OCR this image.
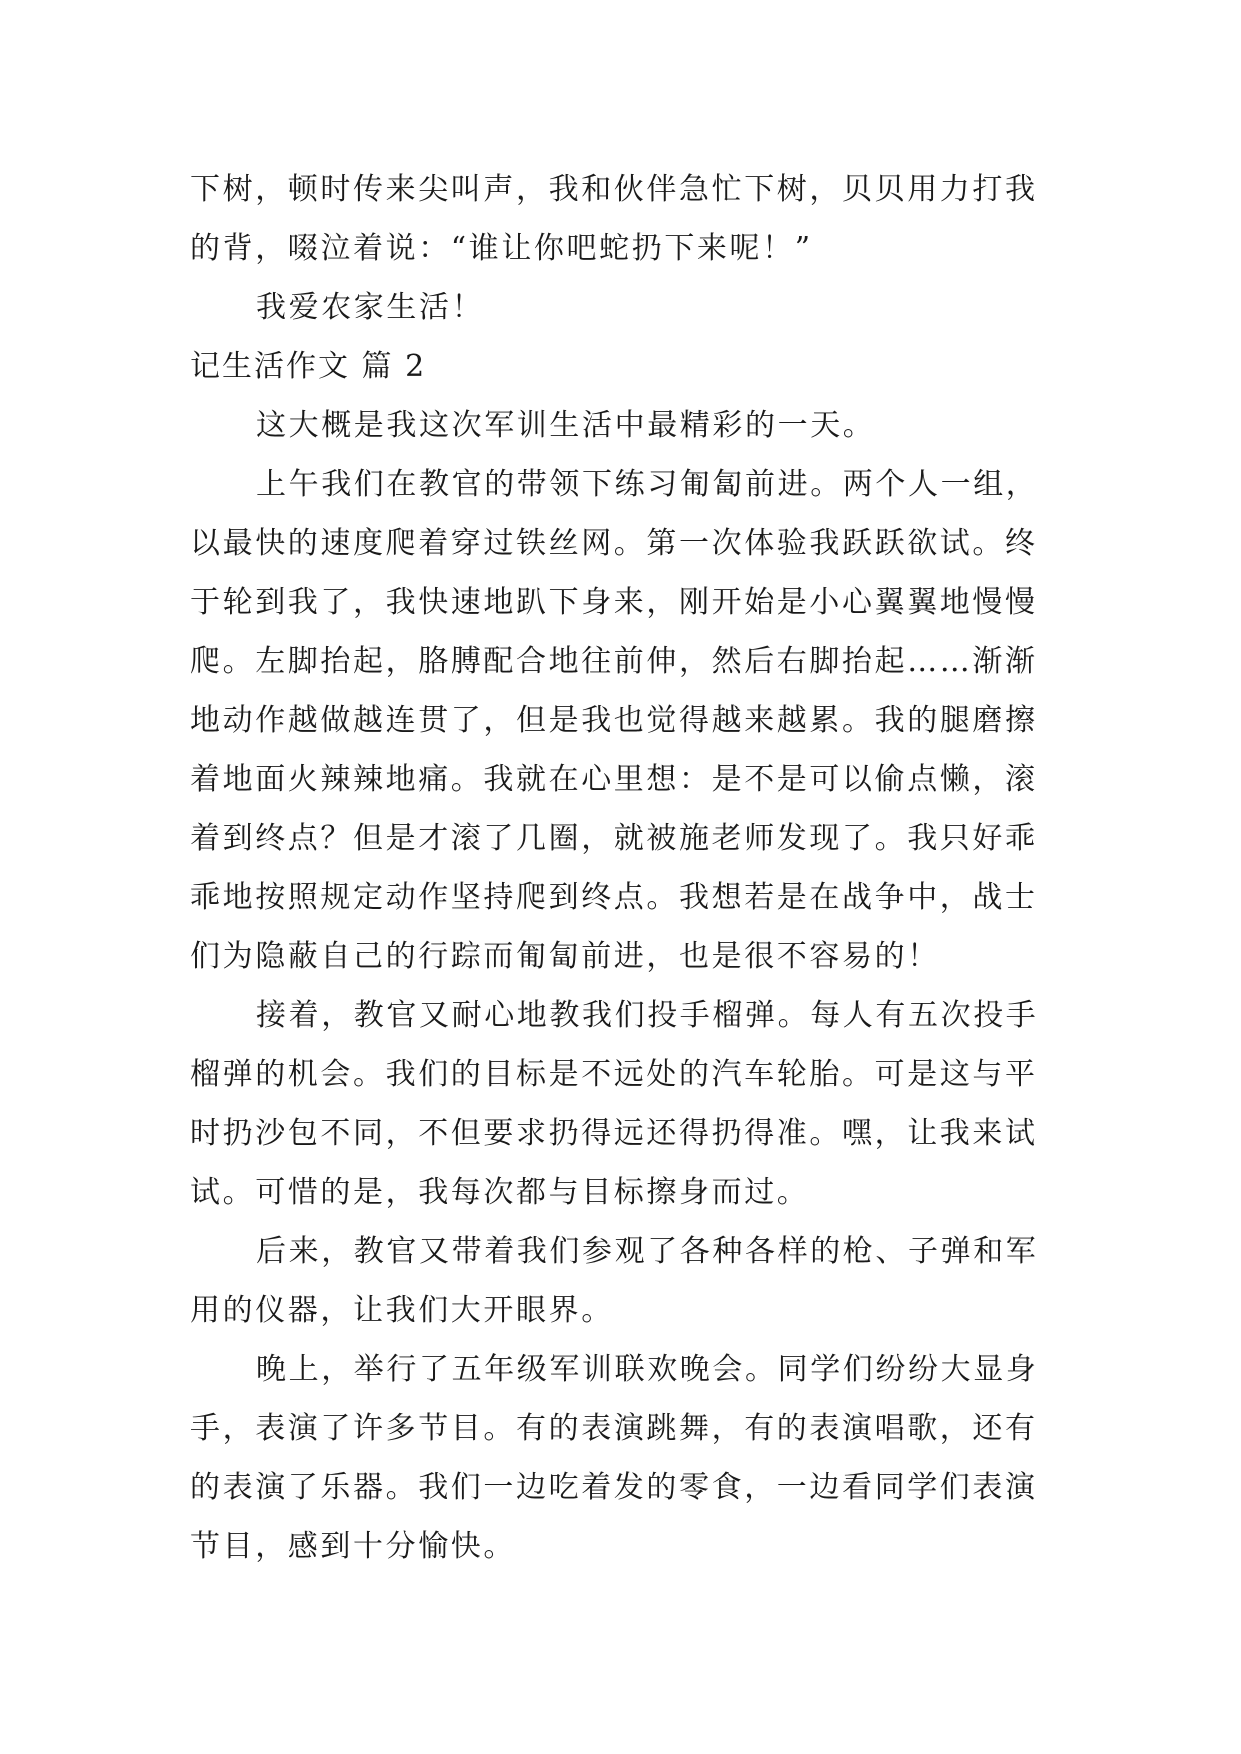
下树，顿时传来尖叫声，我和伙伴急忙下树，贝贝用力打我
的背，啜泣着说：“谁让你吧蛇扔下来呢！”
我爱农家生活！
记生活作文 篇 2
这大概是我这次军训生活中最精彩的一天。
上午我们在教官的带领下练习匍匐前进。两个人一组，
以最快的速度爬着穿过铁丝网。第一次体验我跃跃欲试。终
于轮到我了，我快速地趴下身来，刚开始是小心翼翼地慢慢
爬。左脚抬起，胳膊配合地往前伸，然后右脚抬起……渐渐
地动作越做越连贯了，但是我也觉得越来越累。我的腿磨擦
着地面火辣辣地痛。我就在心里想：是不是可以偷点懒，滚
着到终点？但是才滚了几圈，就被施老师发现了。我只好乖
乖地按照规定动作坚持爬到终点。我想若是在战争中，战士
们为隐蔽自己的行踪而匍匐前进，也是很不容易的！
接着，教官又耐心地教我们投手榴弹。每人有五次投手
榴弹的机会。我们的目标是不远处的汽车轮胎。可是这与平
时扔沙包不同，不但要求扔得远还得扔得准。嘿，让我来试
试。可惜的是，我每次都与目标擦身而过。
后来，教官又带着我们参观了各种各样的枪、子弹和军
用的仪器，让我们大开眼界。
晚上，举行了五年级军训联欢晚会。同学们纷纷大显身
手，表演了许多节目。有的表演跳舞，有的表演唱歌，还有
的表演了乐器。我们一边吃着发的零食，一边看同学们表演
节目，感到十分愉快。
